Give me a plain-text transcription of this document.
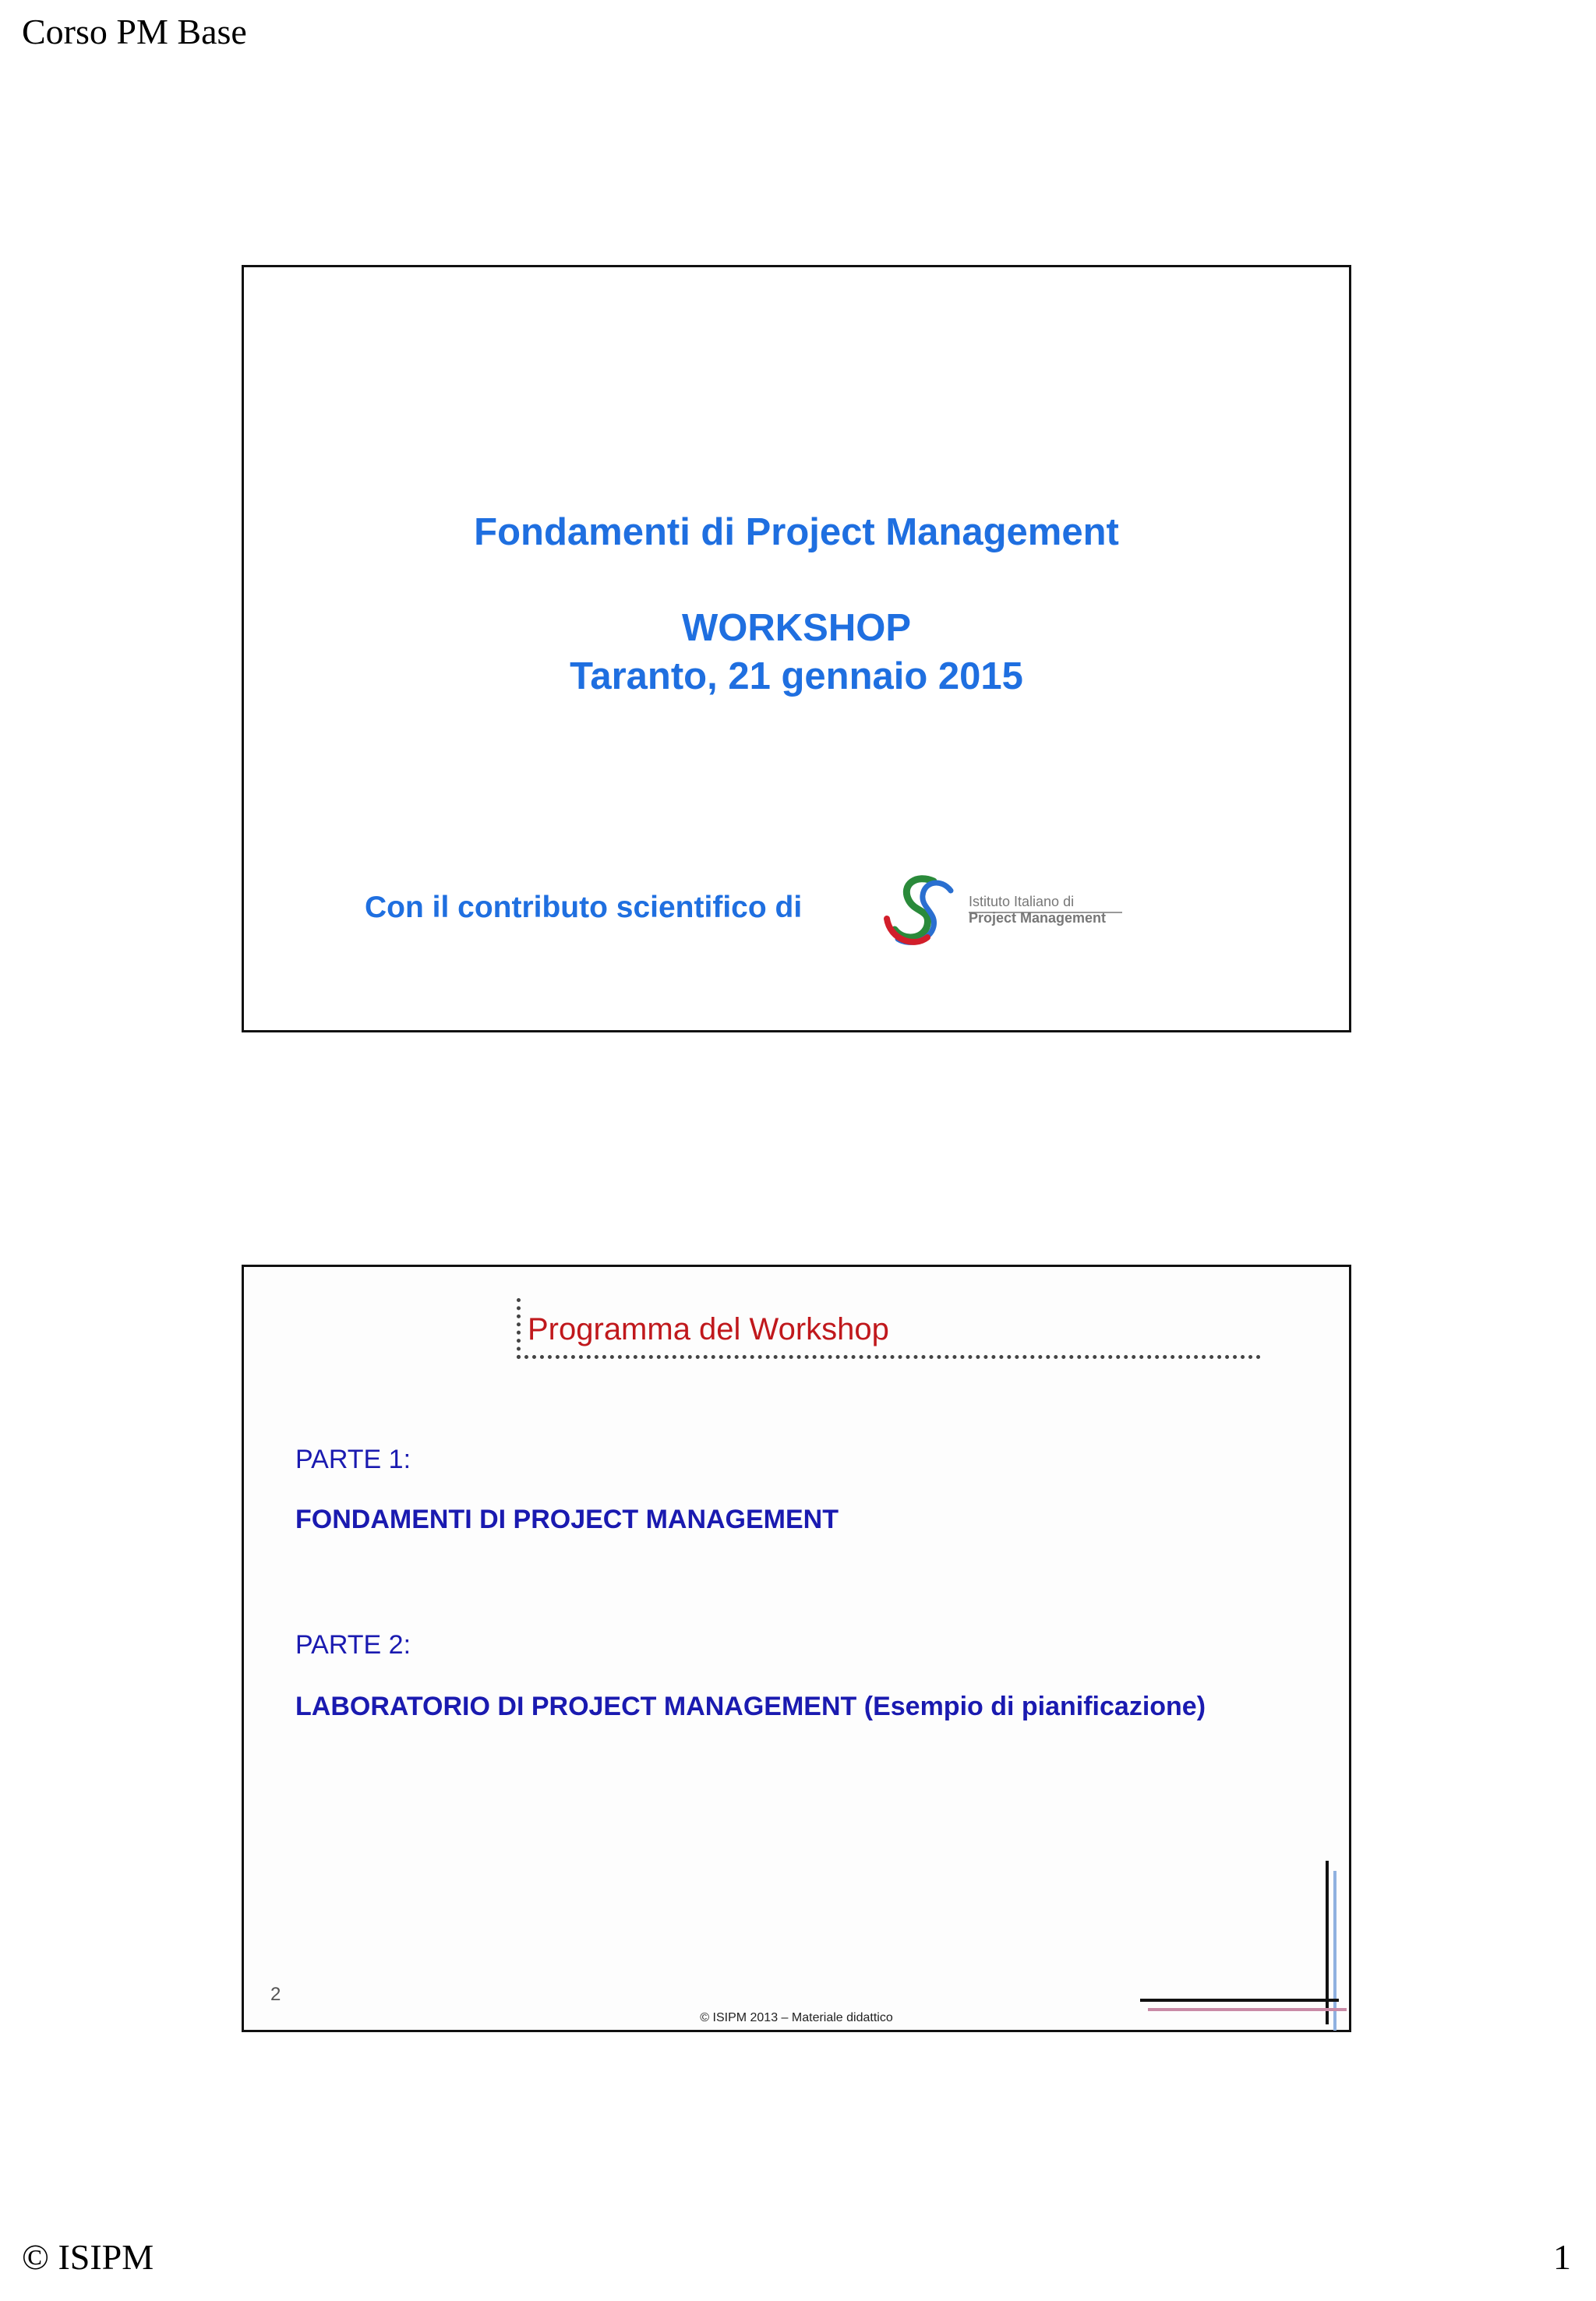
Corso PM Base
Fondamenti di Project Management
WORKSHOP
Taranto, 21 gennaio 2015
Con il contributo scientifico di	Istituto Italiano di
Project Management
Programma del Workshop
PARTE 1:
FONDAMENTI DI PROJECT MANAGEMENT
PARTE 2:
LABORATORIO DI PROJECT MANAGEMENT (Esempio di pianificazione)
2
© ISIPM 2013 – Materiale didattico
© ISIPM	1
